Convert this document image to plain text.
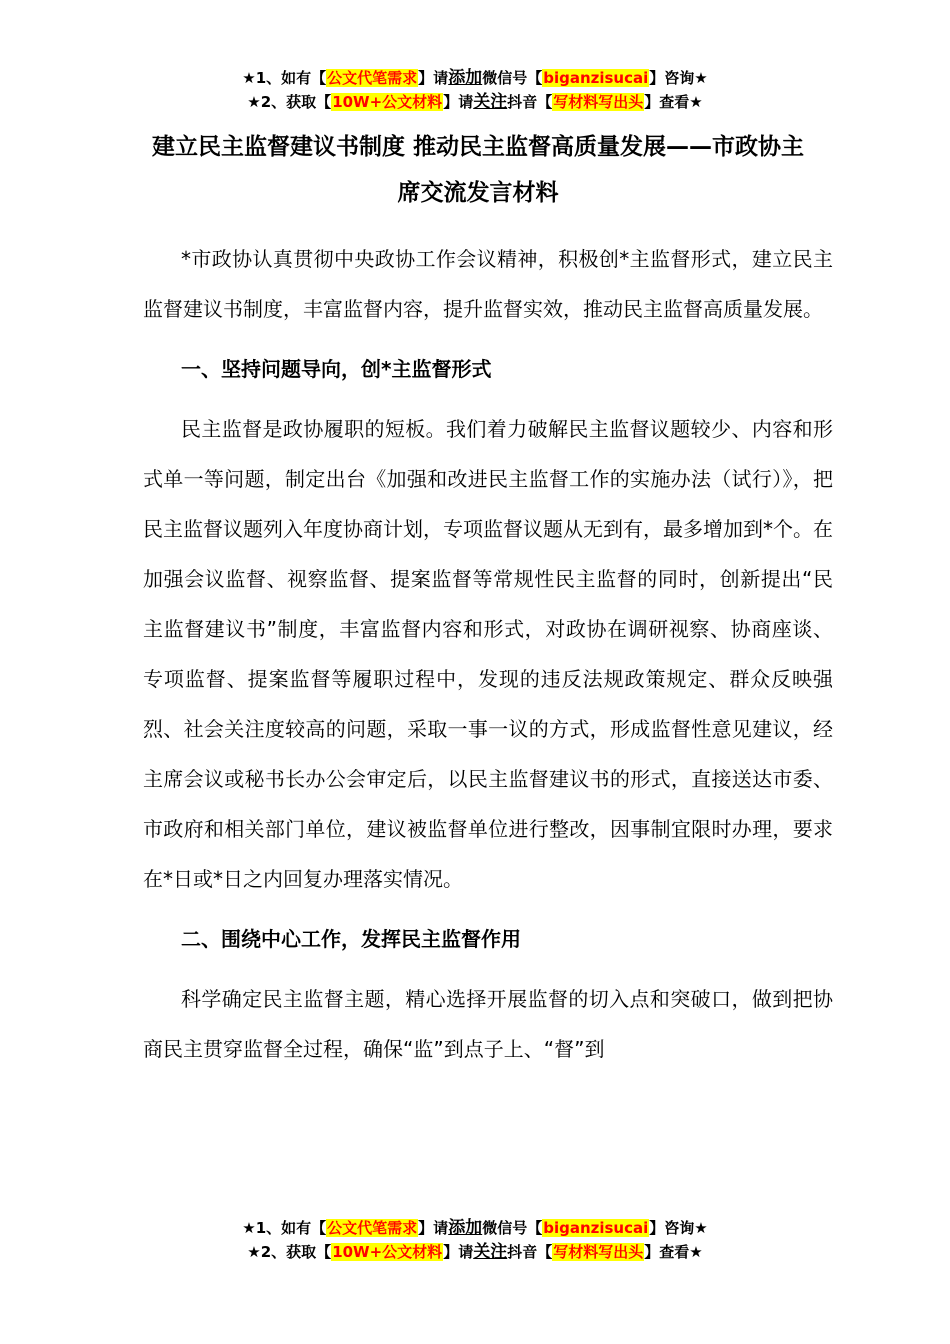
★1、如有【公文代笔需求】请添加微信号【biganzisucai】咨询★
★2、获取【10W+公文材料】请关注抖音【写材料写出头】查看★
建立民主监督建议书制度 推动民主监督高质量发展——市政协主席交流发言材料

*市政协认真贯彻中央政协工作会议精神，积极创*主监督形式，建立民主监督建议书制度，丰富监督内容，提升监督实效，推动民主监督高质量发展。

一、坚持问题导向，创*主监督形式

民主监督是政协履职的短板。我们着力破解民主监督议题较少、内容和形式单一等问题，制定出台《加强和改进民主监督工作的实施办法（试行）》，把民主监督议题列入年度协商计划，专项监督议题从无到有，最多增加到*个。在加强会议监督、视察监督、提案监督等常规性民主监督的同时，创新提出“民主监督建议书”制度，丰富监督内容和形式，对政协在调研视察、协商座谈、专项监督、提案监督等履职过程中，发现的违反法规政策规定、群众反映强烈、社会关注度较高的问题，采取一事一议的方式，形成监督性意见建议，经主席会议或秘书长办公会审定后，以民主监督建议书的形式，直接送达市委、市政府和相关部门单位，建议被监督单位进行整改，因事制宜限时办理，要求在*日或*日之内回复办理落实情况。

二、围绕中心工作，发挥民主监督作用

科学确定民主监督主题，精心选择开展监督的切入点和突破口，做到把协商民主贯穿监督全过程，确保“监”到点子上、“督”到

★1、如有【公文代笔需求】请添加微信号【biganzisucai】咨询★
★2、获取【10W+公文材料】请关注抖音【写材料写出头】查看★
